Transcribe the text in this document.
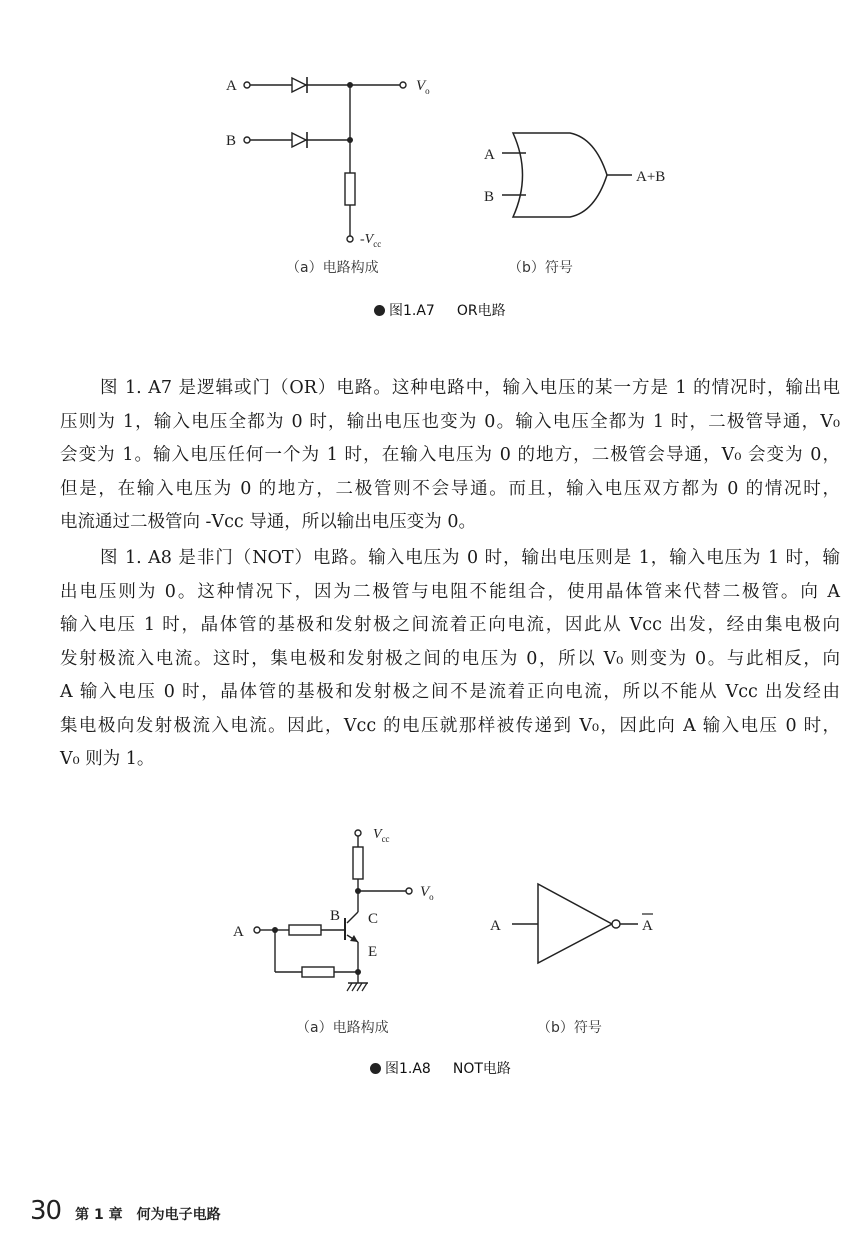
A
B
$V_o$
$-V_{cc}$
（a）电路构成
A
B
A+B
（b）符号
图1.A7 OR电路
图 1. A7 是逻辑或门（OR）电路。这种电路中，输入电压的某一方是 1 的情况时，输出电
压则为 1，输入电压全都为 0 时，输出电压也变为 0。输入电压全都为 1 时，二极管导通，V₀
会变为 1。输入电压任何一个为 1 时，在输入电压为 0 的地方，二极管会导通，V₀ 会变为 0，
但是，在输入电压为 0 的地方，二极管则不会导通。而且，输入电压双方都为 0 的情况时，
电流通过二极管向 -Vcc 导通，所以输出电压变为 0。
图 1. A8 是非门（NOT）电路。输入电压为 0 时，输出电压则是 1，输入电压为 1 时，输
出电压则为 0。这种情况下，因为二极管与电阻不能组合，使用晶体管来代替二极管。向 A
输入电压 1 时，晶体管的基极和发射极之间流着正向电流，因此从 Vcc 出发，经由集电极向
发射极流入电流。这时，集电极和发射极之间的电压为 0，所以 V₀ 则变为 0。与此相反，向
A 输入电压 0 时，晶体管的基极和发射极之间不是流着正向电流，所以不能从 Vcc 出发经由
集电极向发射极流入电流。因此，Vcc 的电压就那样被传递到 V₀，因此向 A 输入电压 0 时，
V₀ 则为 1。
A
B C
E
$V_{cc}$
$V_o$
（a）电路构成
A	A
（b）符号
图1.A8 NOT电路
30 第 1 章 何为电子电路
